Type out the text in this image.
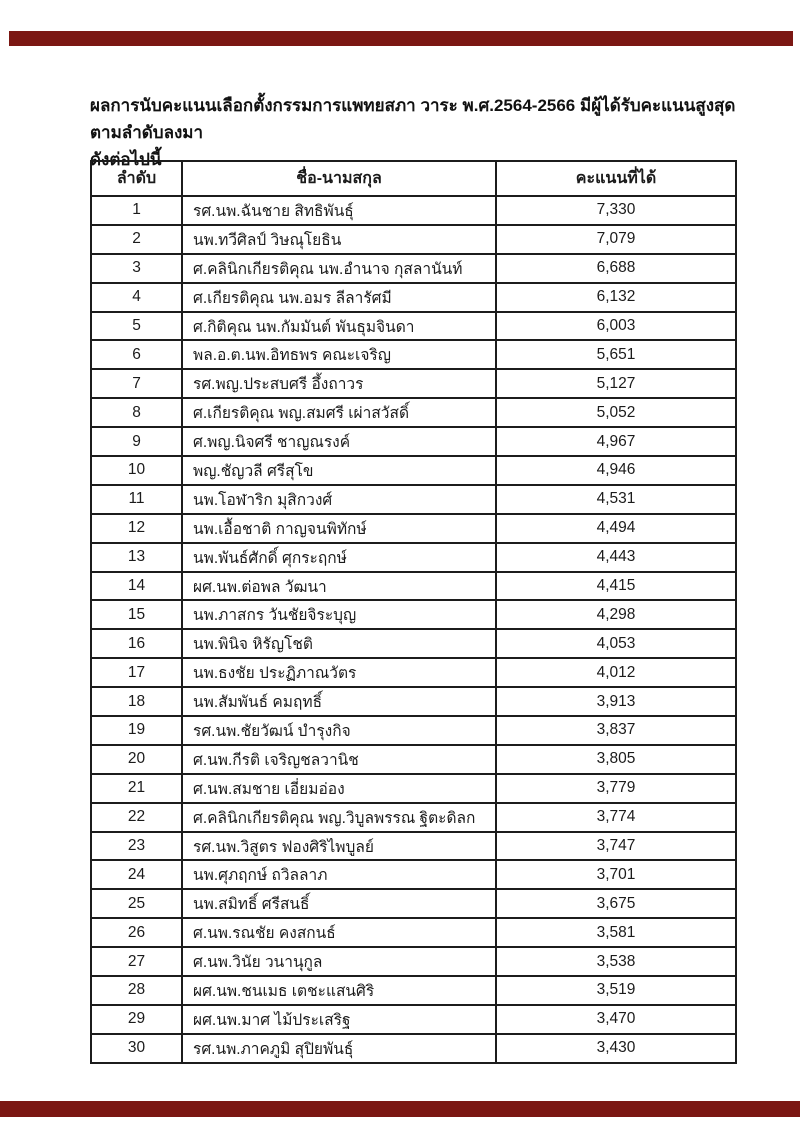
ผลการนับคะแนนเลือกตั้งกรรมการแพทยสภา วาระ พ.ศ.2564-2566 มีผู้ได้รับคะแนนสูงสุดตามลำดับลงมา
ดังต่อไปนี้
ลำดับ	ชื่อ-นามสกุล	คะแนนที่ได้
1	รศ.นพ.ฉันชาย สิทธิพันธุ์	7,330
2	นพ.ทวีศิลป์ วิษณุโยธิน	7,079
3	ศ.คลินิกเกียรติคุณ นพ.อำนาจ กุสลานันท์	6,688
4	ศ.เกียรติคุณ นพ.อมร ลีลารัศมี	6,132
5	ศ.กิติคุณ นพ.กัมมันต์ พันธุมจินดา	6,003
6	พล.อ.ต.นพ.อิทธพร คณะเจริญ	5,651
7	รศ.พญ.ประสบศรี อึ้งถาวร	5,127
8	ศ.เกียรติคุณ พญ.สมศรี เผ่าสวัสดิ์	5,052
9	ศ.พญ.นิจศรี ชาญณรงค์	4,967
10	พญ.ชัญวลี ศรีสุโข	4,946
11	นพ.โอฬาริก มุสิกวงศ์	4,531
12	นพ.เอื้อชาติ กาญจนพิทักษ์	4,494
13	นพ.พันธ์ศักดิ์ ศุกระฤกษ์	4,443
14	ผศ.นพ.ต่อพล วัฒนา	4,415
15	นพ.ภาสกร วันชัยจิระบุญ	4,298
16	นพ.พินิจ หิรัญโชติ	4,053
17	นพ.ธงชัย ประฏิภาณวัตร	4,012
18	นพ.สัมพันธ์ คมฤทธิ์	3,913
19	รศ.นพ.ชัยวัฒน์ บำรุงกิจ	3,837
20	ศ.นพ.กีรติ เจริญชลวานิช	3,805
21	ศ.นพ.สมชาย เอี่ยมอ่อง	3,779
22	ศ.คลินิกเกียรติคุณ พญ.วิบูลพรรณ ฐิตะดิลก	3,774
23	รศ.นพ.วิสูตร ฟองศิริไพบูลย์	3,747
24	นพ.ศุภฤกษ์ ถวิลลาภ	3,701
25	นพ.สมิทธิ์ ศรีสนธิ์	3,675
26	ศ.นพ.รณชัย คงสกนธ์	3,581
27	ศ.นพ.วินัย วนานุกูล	3,538
28	ผศ.นพ.ชนเมธ เตชะแสนศิริ	3,519
29	ผศ.นพ.มาศ ไม้ประเสริฐ	3,470
30	รศ.นพ.ภาคภูมิ สุปิยพันธุ์	3,430
